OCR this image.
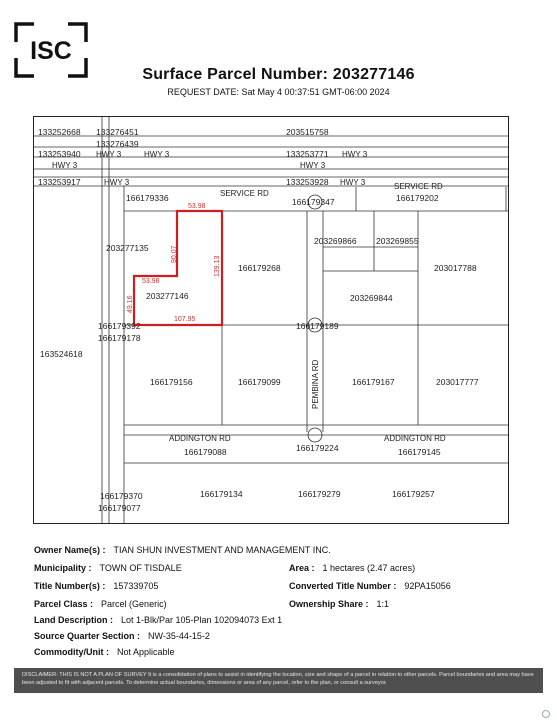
ISC
Surface Parcel Number: 203277146
REQUEST DATE: Sat May 4 00:37:51 GMT-06:00 2024
133252668 133276451
133276439
203515758
133253940	133253771
133253917	133253928
166179336	166179347	166179202
203277135
166179268
203269866 203269855
203017788
203277146	203269844
166179392	166179189
166179178
163524618
166179156	166179099	166179167	203017777
166179088	166179224	166179145
166179370
166179077
166179134	166179279	166179257
HWY 3
HWY 3	HWY 3
HWY 3
HWY 3	HWY 3
HWY 3
SERVICE RD
SERVICE RD
ADDINGTON RD	ADDINGTON RD
PEMBINA RD
53.98
90.07
139.13
53.98
49.16
107.95
Owner Name(s) : TIAN SHUN INVESTMENT AND MANAGEMENT INC.
Municipality : TOWN OF TISDALE	Area : 1 hectares (2.47 acres)
Title Number(s) : 157339705	Converted Title Number : 92PA15056
Parcel Class : Parcel (Generic)	Ownership Share : 1:1
Land Description : Lot 1-Blk/Par 105-Plan 102094073 Ext 1
Source Quarter Section : NW-35-44-15-2
Commodity/Unit : Not Applicable
DISCLAIMER: THIS IS NOT A PLAN OF SURVEY It is a consolidation of plans to assist in identifying the location, size and shape of a parcel in relation to other parcels. Parcel boundaries and area may have been adjusted to fit with adjacent parcels. To determine actual boundaries, dimensions or area of any parcel, refer to the plan, or consult a surveyor.
